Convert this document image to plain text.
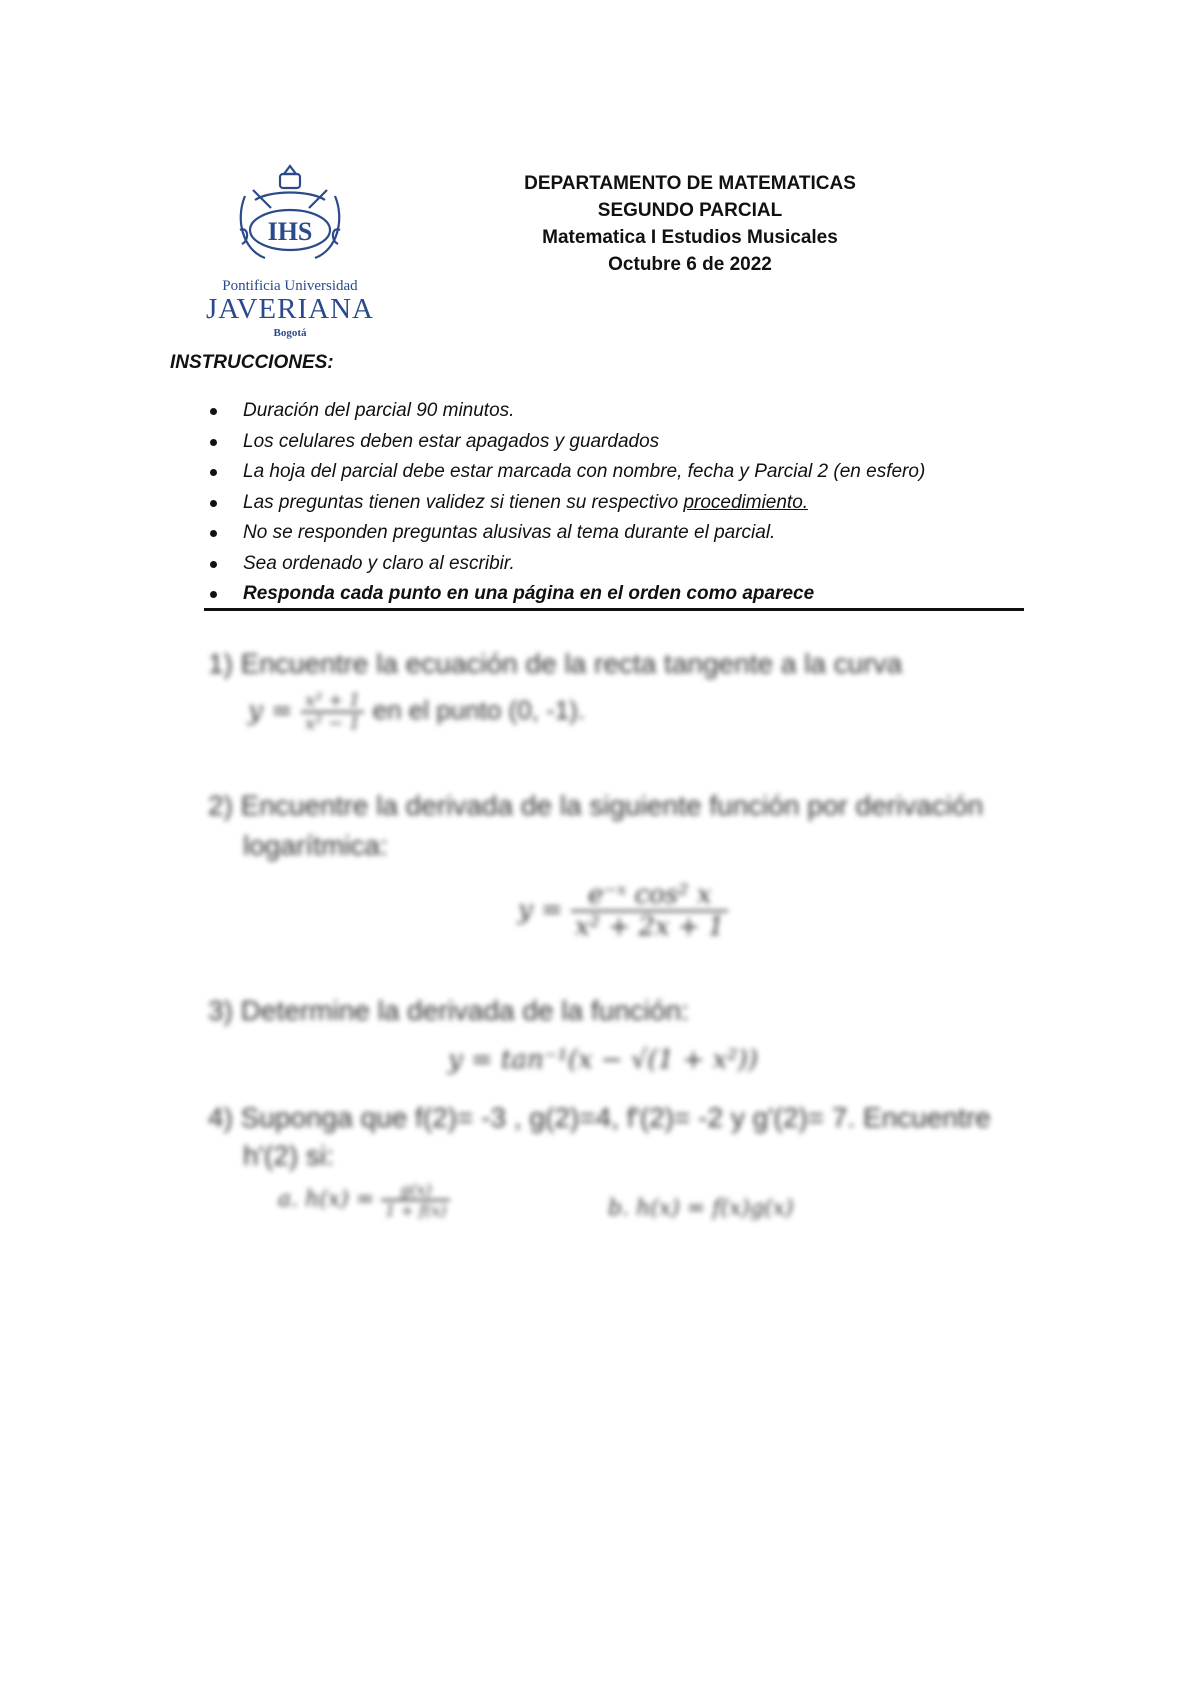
IHS
Pontificia Universidad
JAVERIANA
Bogotá
DEPARTAMENTO DE MATEMATICAS
SEGUNDO PARCIAL
Matematica I Estudios Musicales
Octubre 6 de 2022
INSTRUCCIONES:
Duración del parcial 90 minutos.
Los celulares deben estar apagados y guardados
La hoja del parcial debe estar marcada con nombre, fecha y Parcial 2 (en esfero)
Las preguntas tienen validez si tienen su respectivo procedimiento.
No se responden preguntas alusivas al tema durante el parcial.
Sea ordenado y claro al escribir.
Responda cada punto en una página en el orden como aparece
1) Encuentre la ecuación de la recta tangente a la curva
$y = \frac{\text{x² + 1}}{\text{x² − 1}}$ en el punto (0, -1).
2) Encuentre la derivada de la siguiente función por derivación
logarítmica:
$y = \frac{\text{e⁻ˣ cos² x}}{\text{x² + 2x + 1}}$
3) Determine la derivada de la función:
y = tan⁻¹(x − √(1 + x²))
4) Suponga que f(2)= -3 , g(2)=4, f'(2)= -2 y g'(2)= 7. Encuentre
h'(2) si:
a. $h(x) = \frac{g(x)}{1 + f(x)}$	b. h(x) = f(x)g(x)
